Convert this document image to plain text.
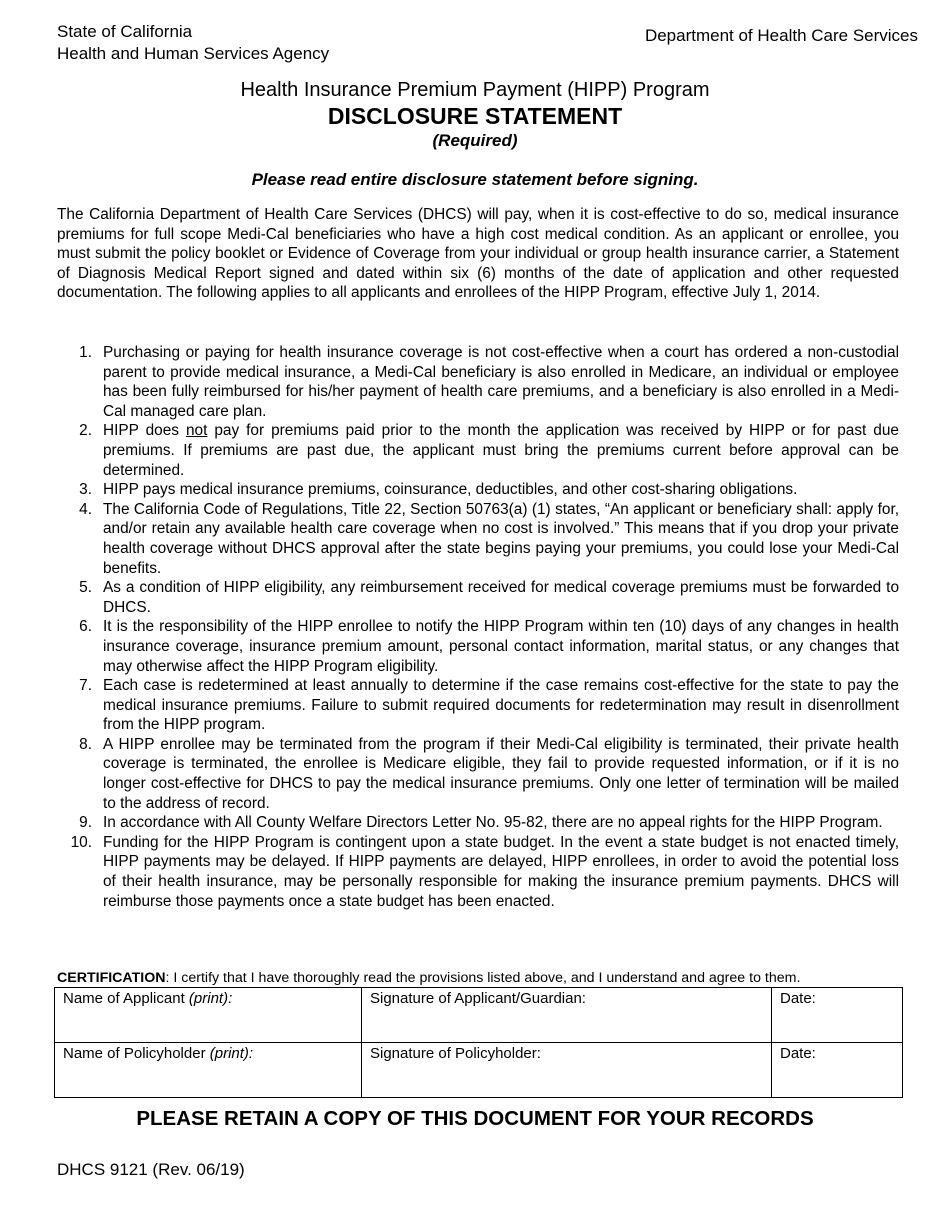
State of California
Health and Human Services Agency
Department of Health Care Services
Health Insurance Premium Payment (HIPP) Program
DISCLOSURE STATEMENT
(Required)
Please read entire disclosure statement before signing.
The California Department of Health Care Services (DHCS) will pay, when it is cost-effective to do so, medical insurance premiums for full scope Medi-Cal beneficiaries who have a high cost medical condition. As an applicant or enrollee, you must submit the policy booklet or Evidence of Coverage from your individual or group health insurance carrier, a Statement of Diagnosis Medical Report signed and dated within six (6) months of the date of application and other requested documentation. The following applies to all applicants and enrollees of the HIPP Program, effective July 1, 2014.
1. Purchasing or paying for health insurance coverage is not cost-effective when a court has ordered a non-custodial parent to provide medical insurance, a Medi-Cal beneficiary is also enrolled in Medicare, an individual or employee has been fully reimbursed for his/her payment of health care premiums, and a beneficiary is also enrolled in a Medi-Cal managed care plan.
2. HIPP does not pay for premiums paid prior to the month the application was received by HIPP or for past due premiums. If premiums are past due, the applicant must bring the premiums current before approval can be determined.
3. HIPP pays medical insurance premiums, coinsurance, deductibles, and other cost-sharing obligations.
4. The California Code of Regulations, Title 22, Section 50763(a) (1) states, “An applicant or beneficiary shall: apply for, and/or retain any available health care coverage when no cost is involved.” This means that if you drop your private health coverage without DHCS approval after the state begins paying your premiums, you could lose your Medi-Cal benefits.
5. As a condition of HIPP eligibility, any reimbursement received for medical coverage premiums must be forwarded to DHCS.
6. It is the responsibility of the HIPP enrollee to notify the HIPP Program within ten (10) days of any changes in health insurance coverage, insurance premium amount, personal contact information, marital status, or any changes that may otherwise affect the HIPP Program eligibility.
7. Each case is redetermined at least annually to determine if the case remains cost-effective for the state to pay the medical insurance premiums. Failure to submit required documents for redetermination may result in disenrollment from the HIPP program.
8. A HIPP enrollee may be terminated from the program if their Medi-Cal eligibility is terminated, their private health coverage is terminated, the enrollee is Medicare eligible, they fail to provide requested information, or if it is no longer cost-effective for DHCS to pay the medical insurance premiums. Only one letter of termination will be mailed to the address of record.
9. In accordance with All County Welfare Directors Letter No. 95-82, there are no appeal rights for the HIPP Program.
10. Funding for the HIPP Program is contingent upon a state budget. In the event a state budget is not enacted timely, HIPP payments may be delayed. If HIPP payments are delayed, HIPP enrollees, in order to avoid the potential loss of their health insurance, may be personally responsible for making the insurance premium payments. DHCS will reimburse those payments once a state budget has been enacted.
CERTIFICATION: I certify that I have thoroughly read the provisions listed above, and I understand and agree to them.
Name of Applicant (print):	Signature of Applicant/Guardian:	Date:
Name of Policyholder (print):	Signature of Policyholder:	Date:
PLEASE RETAIN A COPY OF THIS DOCUMENT FOR YOUR RECORDS
DHCS 9121 (Rev. 06/19)
